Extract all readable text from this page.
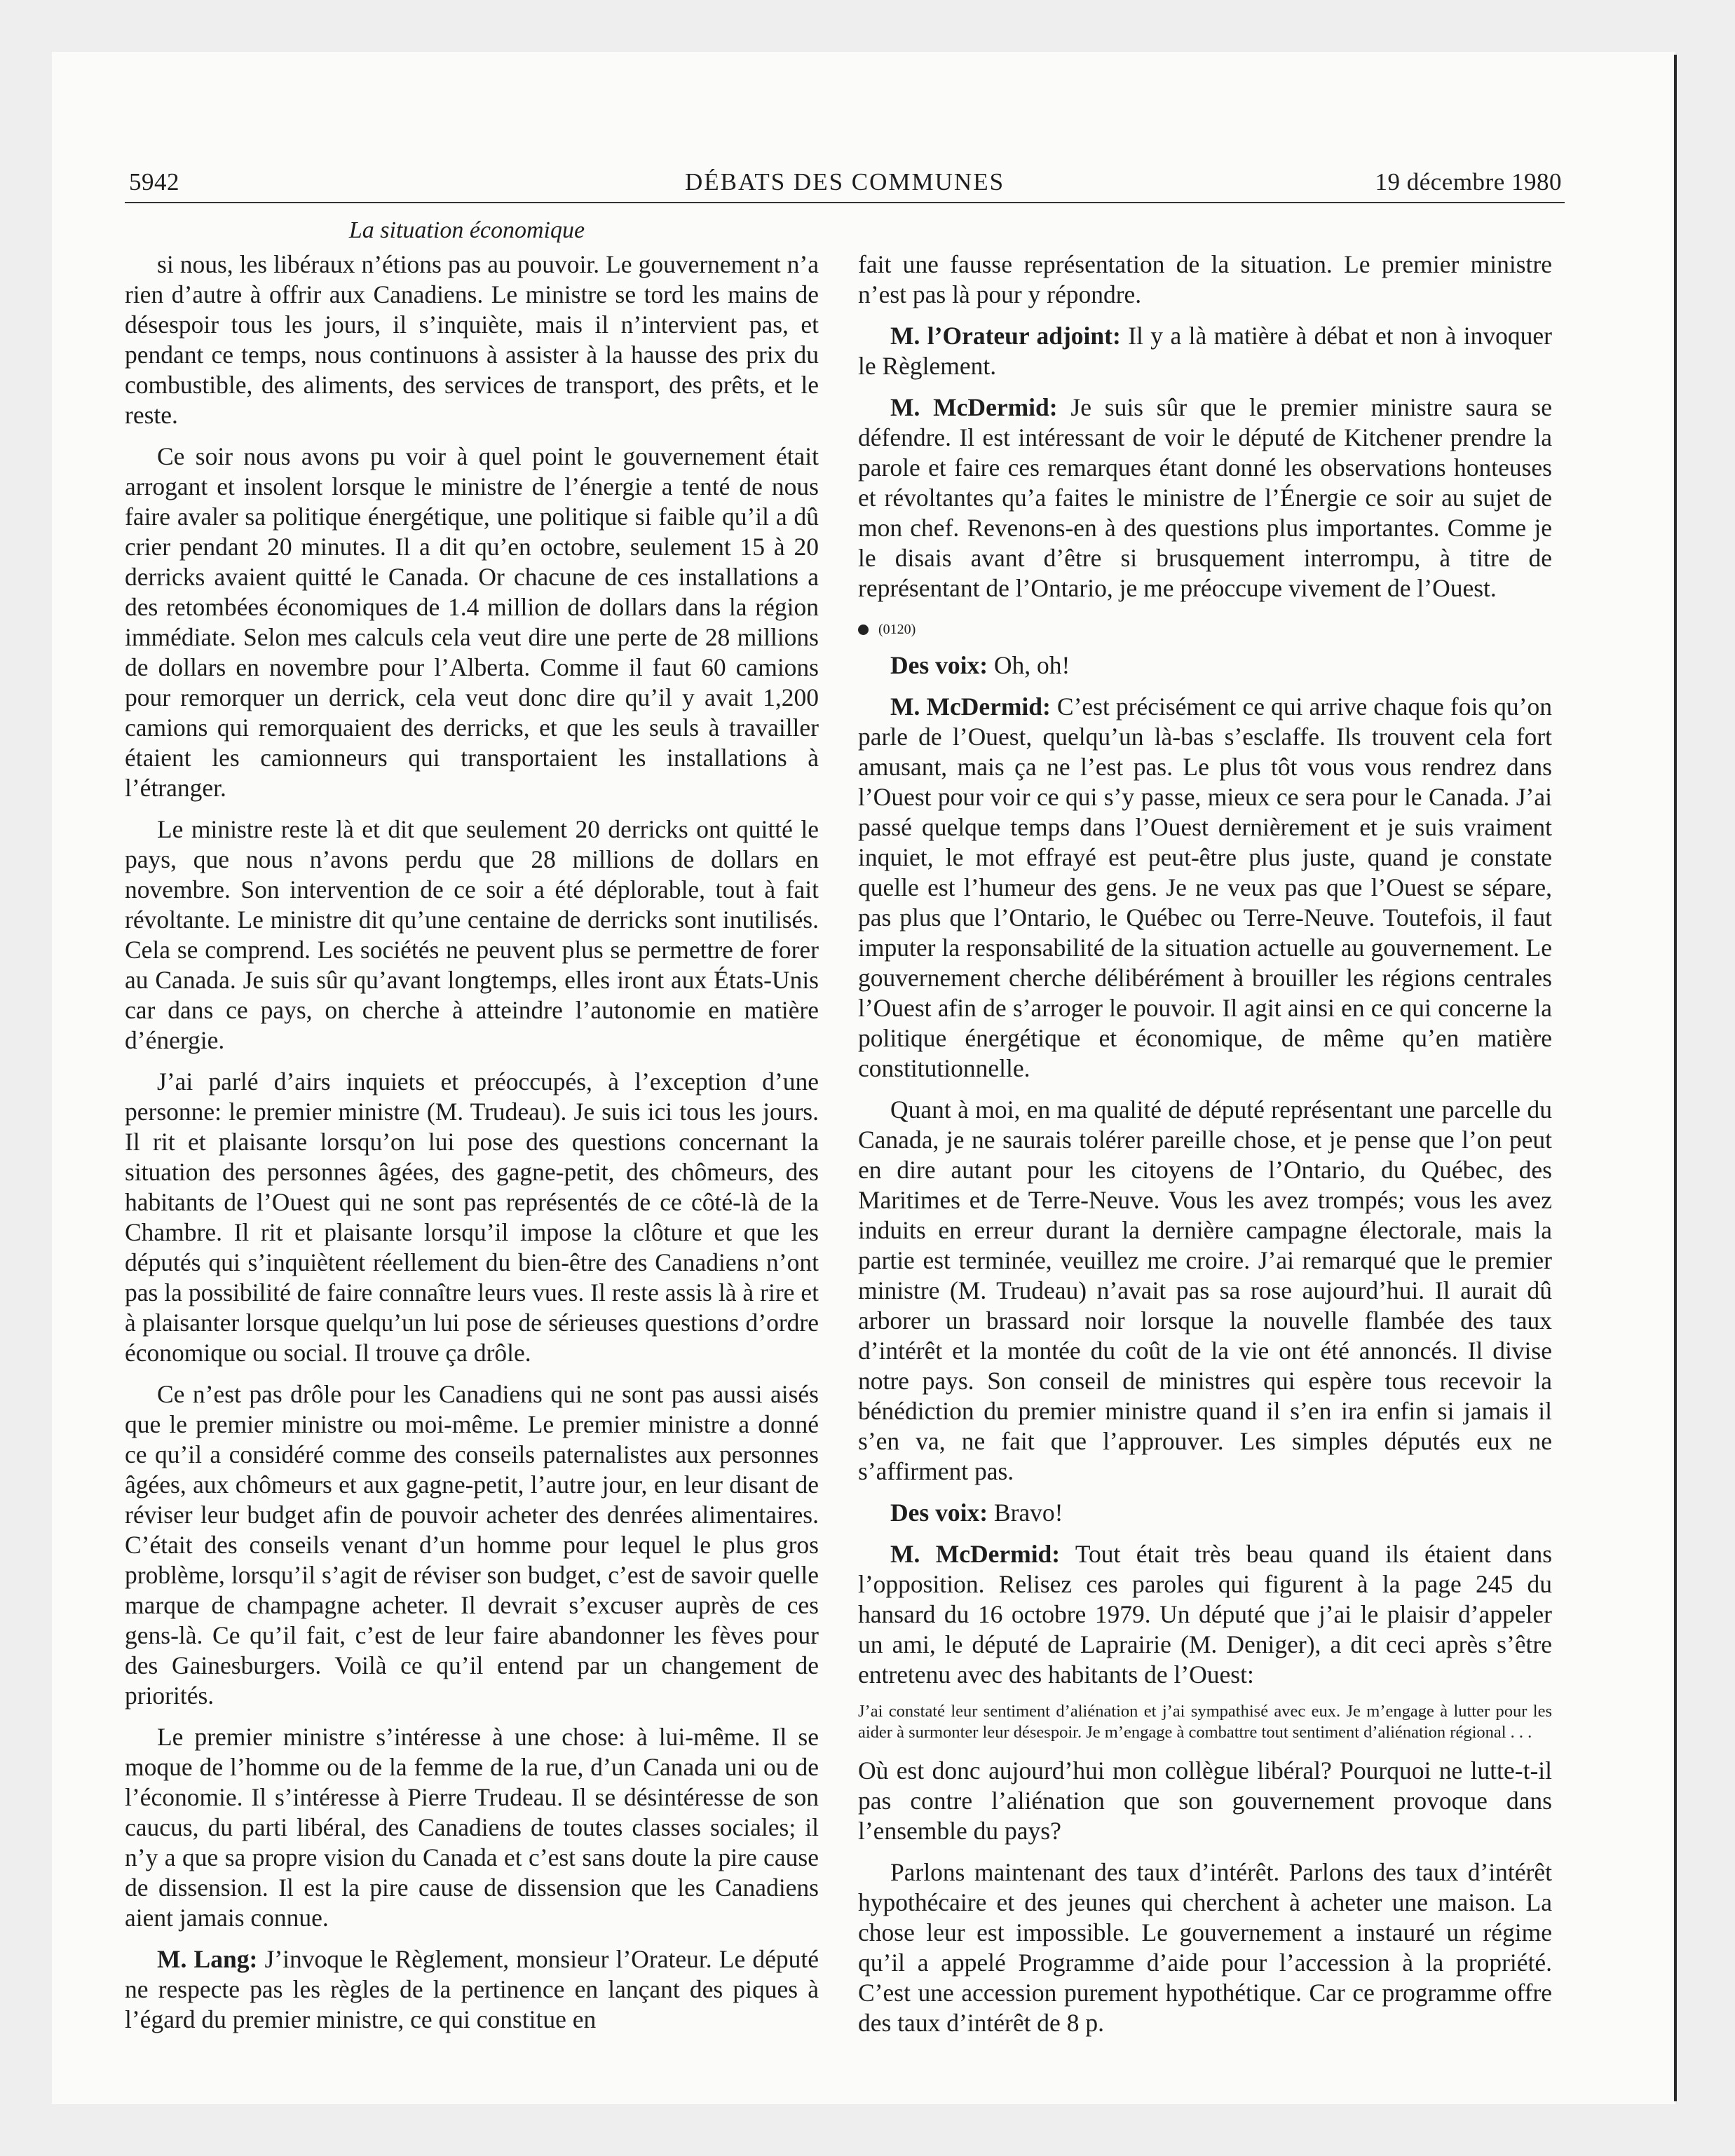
5942	DÉBATS DES COMMUNES	19 décembre 1980
La situation économique

si nous, les libéraux n’étions pas au pouvoir. Le gouvernement n’a rien d’autre à offrir aux Canadiens. Le ministre se tord les mains de désespoir tous les jours, il s’inquiète, mais il n’intervient pas, et pendant ce temps, nous continuons à assister à la hausse des prix du combustible, des aliments, des services de transport, des prêts, et le reste.

Ce soir nous avons pu voir à quel point le gouvernement était arrogant et insolent lorsque le ministre de l’énergie a tenté de nous faire avaler sa politique énergétique, une politique si faible qu’il a dû crier pendant 20 minutes. Il a dit qu’en octobre, seulement 15 à 20 derricks avaient quitté le Canada. Or chacune de ces installations a des retombées économiques de 1.4 million de dollars dans la région immédiate. Selon mes calculs cela veut dire une perte de 28 millions de dollars en novembre pour l’Alberta. Comme il faut 60 camions pour remorquer un derrick, cela veut donc dire qu’il y avait 1,200 camions qui remorquaient des derricks, et que les seuls à travailler étaient les camionneurs qui transportaient les installations à l’étranger.

Le ministre reste là et dit que seulement 20 derricks ont quitté le pays, que nous n’avons perdu que 28 millions de dollars en novembre. Son intervention de ce soir a été déplorable, tout à fait révoltante. Le ministre dit qu’une centaine de derricks sont inutilisés. Cela se comprend. Les sociétés ne peuvent plus se permettre de forer au Canada. Je suis sûr qu’avant longtemps, elles iront aux États-Unis car dans ce pays, on cherche à atteindre l’autonomie en matière d’énergie.

J’ai parlé d’airs inquiets et préoccupés, à l’exception d’une personne: le premier ministre (M. Trudeau). Je suis ici tous les jours. Il rit et plaisante lorsqu’on lui pose des questions concernant la situation des personnes âgées, des gagne-petit, des chômeurs, des habitants de l’Ouest qui ne sont pas représentés de ce côté-là de la Chambre. Il rit et plaisante lorsqu’il impose la clôture et que les députés qui s’inquiètent réellement du bien-être des Canadiens n’ont pas la possibilité de faire connaître leurs vues. Il reste assis là à rire et à plaisanter lorsque quelqu’un lui pose de sérieuses questions d’ordre économique ou social. Il trouve ça drôle.

Ce n’est pas drôle pour les Canadiens qui ne sont pas aussi aisés que le premier ministre ou moi-même. Le premier ministre a donné ce qu’il a considéré comme des conseils paternalistes aux personnes âgées, aux chômeurs et aux gagne-petit, l’autre jour, en leur disant de réviser leur budget afin de pouvoir acheter des denrées alimentaires. C’était des conseils venant d’un homme pour lequel le plus gros problème, lorsqu’il s’agit de réviser son budget, c’est de savoir quelle marque de champagne acheter. Il devrait s’excuser auprès de ces gens-là. Ce qu’il fait, c’est de leur faire abandonner les fèves pour des Gainesburgers. Voilà ce qu’il entend par un changement de priorités.

Le premier ministre s’intéresse à une chose: à lui-même. Il se moque de l’homme ou de la femme de la rue, d’un Canada uni ou de l’économie. Il s’intéresse à Pierre Trudeau. Il se désintéresse de son caucus, du parti libéral, des Canadiens de toutes classes sociales; il n’y a que sa propre vision du Canada et c’est sans doute la pire cause de dissension. Il est la pire cause de dissension que les Canadiens aient jamais connue.

M. Lang: J’invoque le Règlement, monsieur l’Orateur. Le député ne respecte pas les règles de la pertinence en lançant des piques à l’égard du premier ministre, ce qui constitue en

fait une fausse représentation de la situation. Le premier ministre n’est pas là pour y répondre.

M. l’Orateur adjoint: Il y a là matière à débat et non à invoquer le Règlement.

M. McDermid: Je suis sûr que le premier ministre saura se défendre. Il est intéressant de voir le député de Kitchener prendre la parole et faire ces remarques étant donné les observations honteuses et révoltantes qu’a faites le ministre de l’Énergie ce soir au sujet de mon chef. Revenons-en à des questions plus importantes. Comme je le disais avant d’être si brusquement interrompu, à titre de représentant de l’Ontario, je me préoccupe vivement de l’Ouest.

(0120)

Des voix: Oh, oh!

M. McDermid: C’est précisément ce qui arrive chaque fois qu’on parle de l’Ouest, quelqu’un là-bas s’esclaffe. Ils trouvent cela fort amusant, mais ça ne l’est pas. Le plus tôt vous vous rendrez dans l’Ouest pour voir ce qui s’y passe, mieux ce sera pour le Canada. J’ai passé quelque temps dans l’Ouest dernièrement et je suis vraiment inquiet, le mot effrayé est peut-être plus juste, quand je constate quelle est l’humeur des gens. Je ne veux pas que l’Ouest se sépare, pas plus que l’Ontario, le Québec ou Terre-Neuve. Toutefois, il faut imputer la responsabilité de la situation actuelle au gouvernement. Le gouvernement cherche délibérément à brouiller les régions centrales l’Ouest afin de s’arroger le pouvoir. Il agit ainsi en ce qui concerne la politique énergétique et économique, de même qu’en matière constitutionnelle.

Quant à moi, en ma qualité de député représentant une parcelle du Canada, je ne saurais tolérer pareille chose, et je pense que l’on peut en dire autant pour les citoyens de l’Ontario, du Québec, des Maritimes et de Terre-Neuve. Vous les avez trompés; vous les avez induits en erreur durant la dernière campagne électorale, mais la partie est terminée, veuillez me croire. J’ai remarqué que le premier ministre (M. Trudeau) n’avait pas sa rose aujourd’hui. Il aurait dû arborer un brassard noir lorsque la nouvelle flambée des taux d’intérêt et la montée du coût de la vie ont été annoncés. Il divise notre pays. Son conseil de ministres qui espère tous recevoir la bénédiction du premier ministre quand il s’en ira enfin si jamais il s’en va, ne fait que l’approuver. Les simples députés eux ne s’affirment pas.

Des voix: Bravo!

M. McDermid: Tout était très beau quand ils étaient dans l’opposition. Relisez ces paroles qui figurent à la page 245 du hansard du 16 octobre 1979. Un député que j’ai le plaisir d’appeler un ami, le député de Laprairie (M. Deniger), a dit ceci après s’être entretenu avec des habitants de l’Ouest:

J’ai constaté leur sentiment d’aliénation et j’ai sympathisé avec eux. Je m’engage à lutter pour les aider à surmonter leur désespoir. Je m’engage à combattre tout sentiment d’aliénation régional . . .

Où est donc aujourd’hui mon collègue libéral? Pourquoi ne lutte-t-il pas contre l’aliénation que son gouvernement provoque dans l’ensemble du pays?

Parlons maintenant des taux d’intérêt. Parlons des taux d’intérêt hypothécaire et des jeunes qui cherchent à acheter une maison. La chose leur est impossible. Le gouvernement a instauré un régime qu’il a appelé Programme d’aide pour l’accession à la propriété. C’est une accession purement hypothétique. Car ce programme offre des taux d’intérêt de 8 p.
